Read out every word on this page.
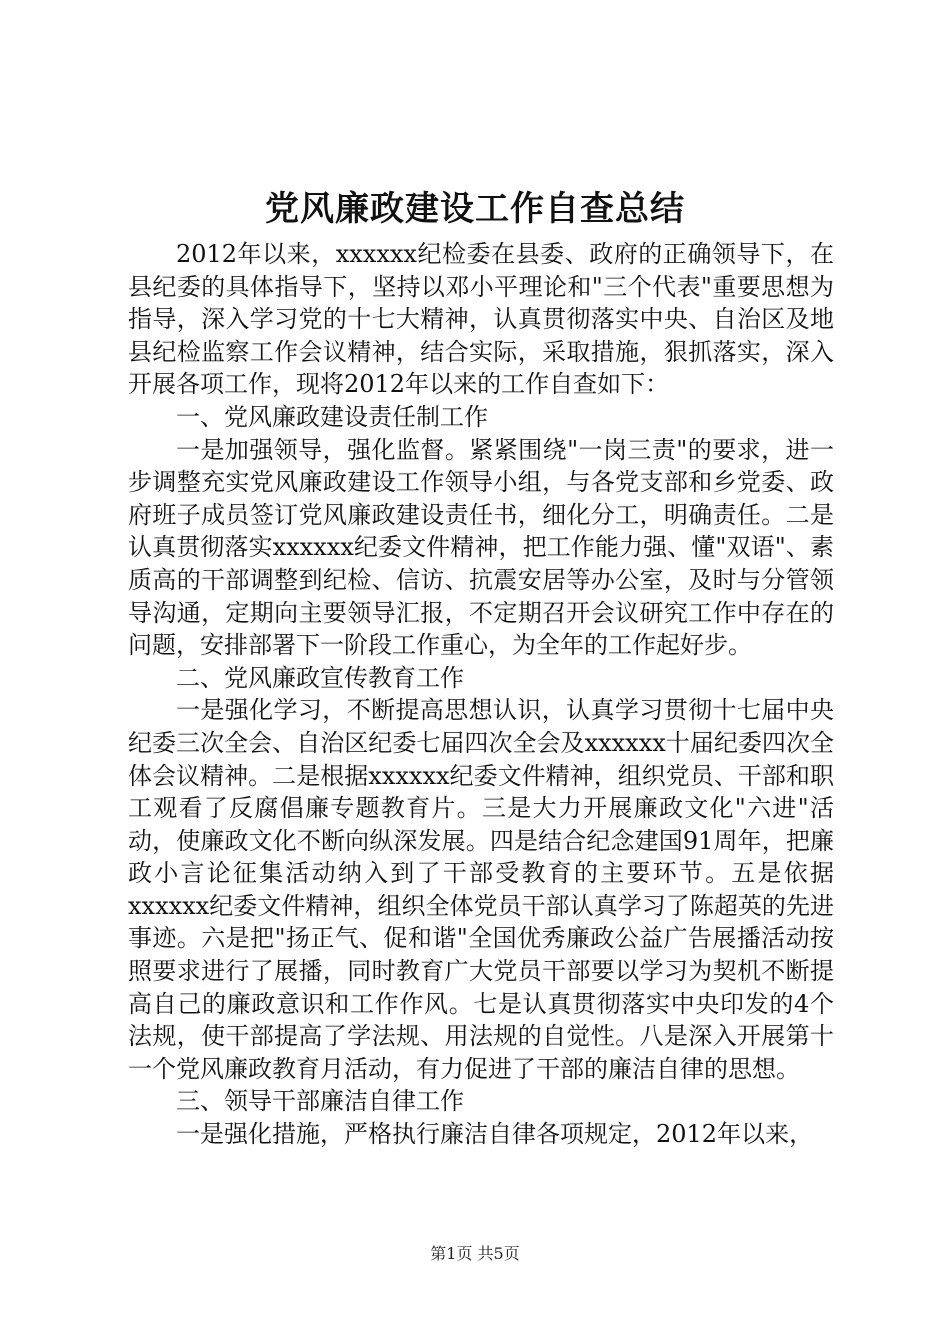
党风廉政建设工作自查总结

2012年以来，xxxxxx纪检委在县委、政府的正确领导下，在县纪委的具体指导下，坚持以邓小平理论和"三个代表"重要思想为指导，深入学习党的十七大精神，认真贯彻落实中央、自治区及地县纪检监察工作会议精神，结合实际，采取措施，狠抓落实，深入开展各项工作，现将2012年以来的工作自查如下：

一、党风廉政建设责任制工作

一是加强领导，强化监督。紧紧围绕"一岗三责"的要求，进一步调整充实党风廉政建设工作领导小组，与各党支部和乡党委、政府班子成员签订党风廉政建设责任书，细化分工，明确责任。二是认真贯彻落实xxxxxx纪委文件精神，把工作能力强、懂"双语"、素质高的干部调整到纪检、信访、抗震安居等办公室，及时与分管领导沟通，定期向主要领导汇报，不定期召开会议研究工作中存在的问题，安排部署下一阶段工作重心，为全年的工作起好步。

二、党风廉政宣传教育工作

一是强化学习，不断提高思想认识，认真学习贯彻十七届中央纪委三次全会、自治区纪委七届四次全会及xxxxxx十届纪委四次全体会议精神。二是根据xxxxxx纪委文件精神，组织党员、干部和职工观看了反腐倡廉专题教育片。三是大力开展廉政文化"六进"活动，使廉政文化不断向纵深发展。四是结合纪念建国91周年，把廉政小言论征集活动纳入到了干部受教育的主要环节。五是依据xxxxxx纪委文件精神，组织全体党员干部认真学习了陈超英的先进事迹。六是把"扬正气、促和谐"全国优秀廉政公益广告展播活动按照要求进行了展播，同时教育广大党员干部要以学习为契机不断提高自己的廉政意识和工作作风。七是认真贯彻落实中央印发的4个法规，使干部提高了学法规、用法规的自觉性。八是深入开展第十一个党风廉政教育月活动，有力促进了干部的廉洁自律的思想。

三、领导干部廉洁自律工作

一是强化措施，严格执行廉洁自律各项规定，2012年以来，

第1页 共5页
